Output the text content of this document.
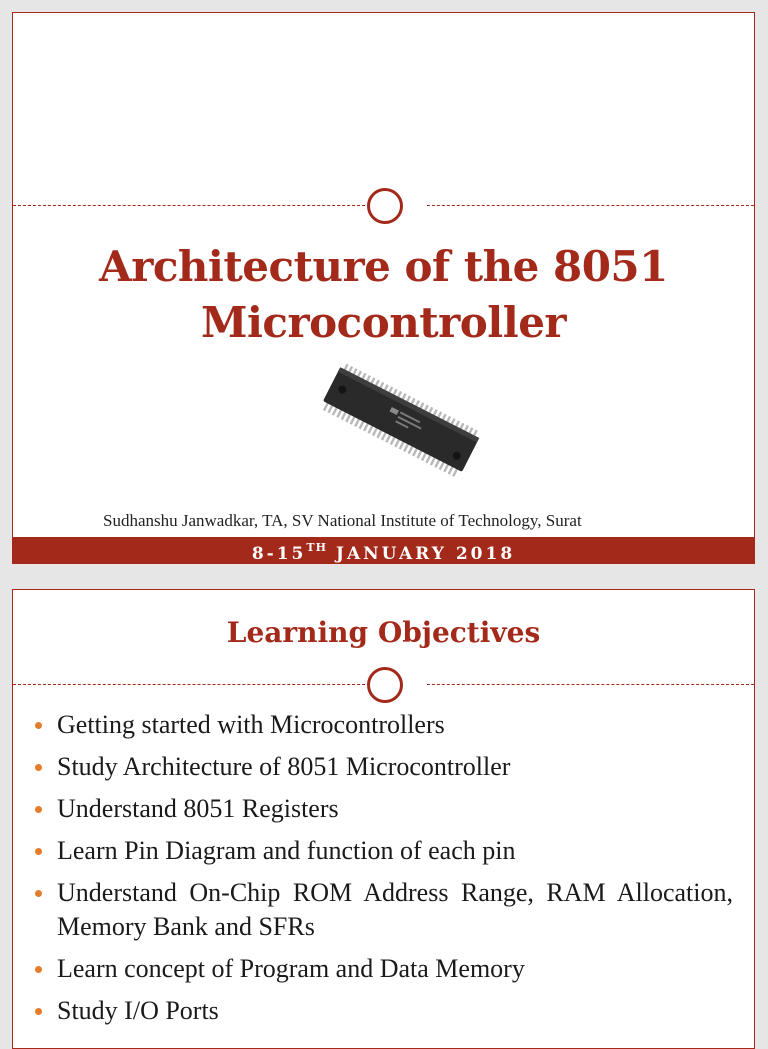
Architecture of the 8051
Microcontroller
Sudhanshu Janwadkar, TA, SV National Institute of Technology, Surat
8-15TH JANUARY 2018
Learning Objectives
Getting started with Microcontrollers
Study Architecture of 8051 Microcontroller
Understand 8051 Registers
Learn Pin Diagram and function of each pin
Understand On-Chip ROM Address Range, RAM Allocation, Memory Bank and SFRs
Learn concept of Program and Data Memory
Study I/O Ports
